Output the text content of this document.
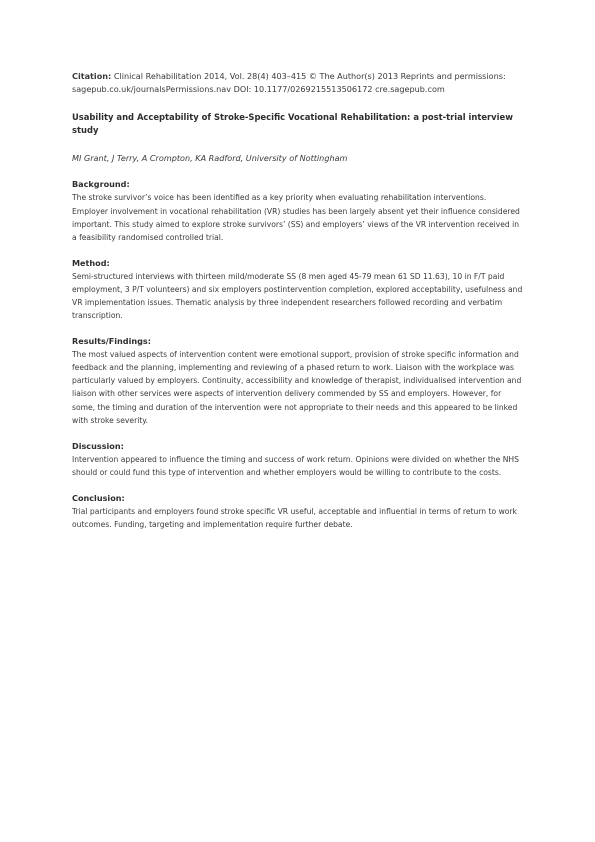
Citation: Clinical Rehabilitation 2014, Vol. 28(4) 403–415 © The Author(s) 2013 Reprints and permissions: sagepub.co.uk/journalsPermissions.nav DOI: 10.1177/0269215513506172 cre.sagepub.com

Usability and Acceptability of Stroke-Specific Vocational Rehabilitation: a post-trial interview study

MI Grant, J Terry, A Crompton, KA Radford, University of Nottingham

Background:

The stroke survivor’s voice has been identified as a key priority when evaluating rehabilitation interventions. Employer involvement in vocational rehabilitation (VR) studies has been largely absent yet their influence considered important. This study aimed to explore stroke survivors’ (SS) and employers’ views of the VR intervention received in a feasibility randomised controlled trial.

Method:

Semi-structured interviews with thirteen mild/moderate SS (8 men aged 45-79 mean 61 SD 11.63), 10 in F/T paid employment, 3 P/T volunteers) and six employers postintervention completion, explored acceptability, usefulness and VR implementation issues. Thematic analysis by three independent researchers followed recording and verbatim transcription.

Results/Findings:

The most valued aspects of intervention content were emotional support, provision of stroke specific information and feedback and the planning, implementing and reviewing of a phased return to work. Liaison with the workplace was particularly valued by employers. Continuity, accessibility and knowledge of therapist, individualised intervention and liaison with other services were aspects of intervention delivery commended by SS and employers. However, for some, the timing and duration of the intervention were not appropriate to their needs and this appeared to be linked with stroke severity.

Discussion:

Intervention appeared to influence the timing and success of work return. Opinions were divided on whether the NHS should or could fund this type of intervention and whether employers would be willing to contribute to the costs.

Conclusion:

Trial participants and employers found stroke specific VR useful, acceptable and influential in terms of return to work outcomes. Funding, targeting and implementation require further debate.
